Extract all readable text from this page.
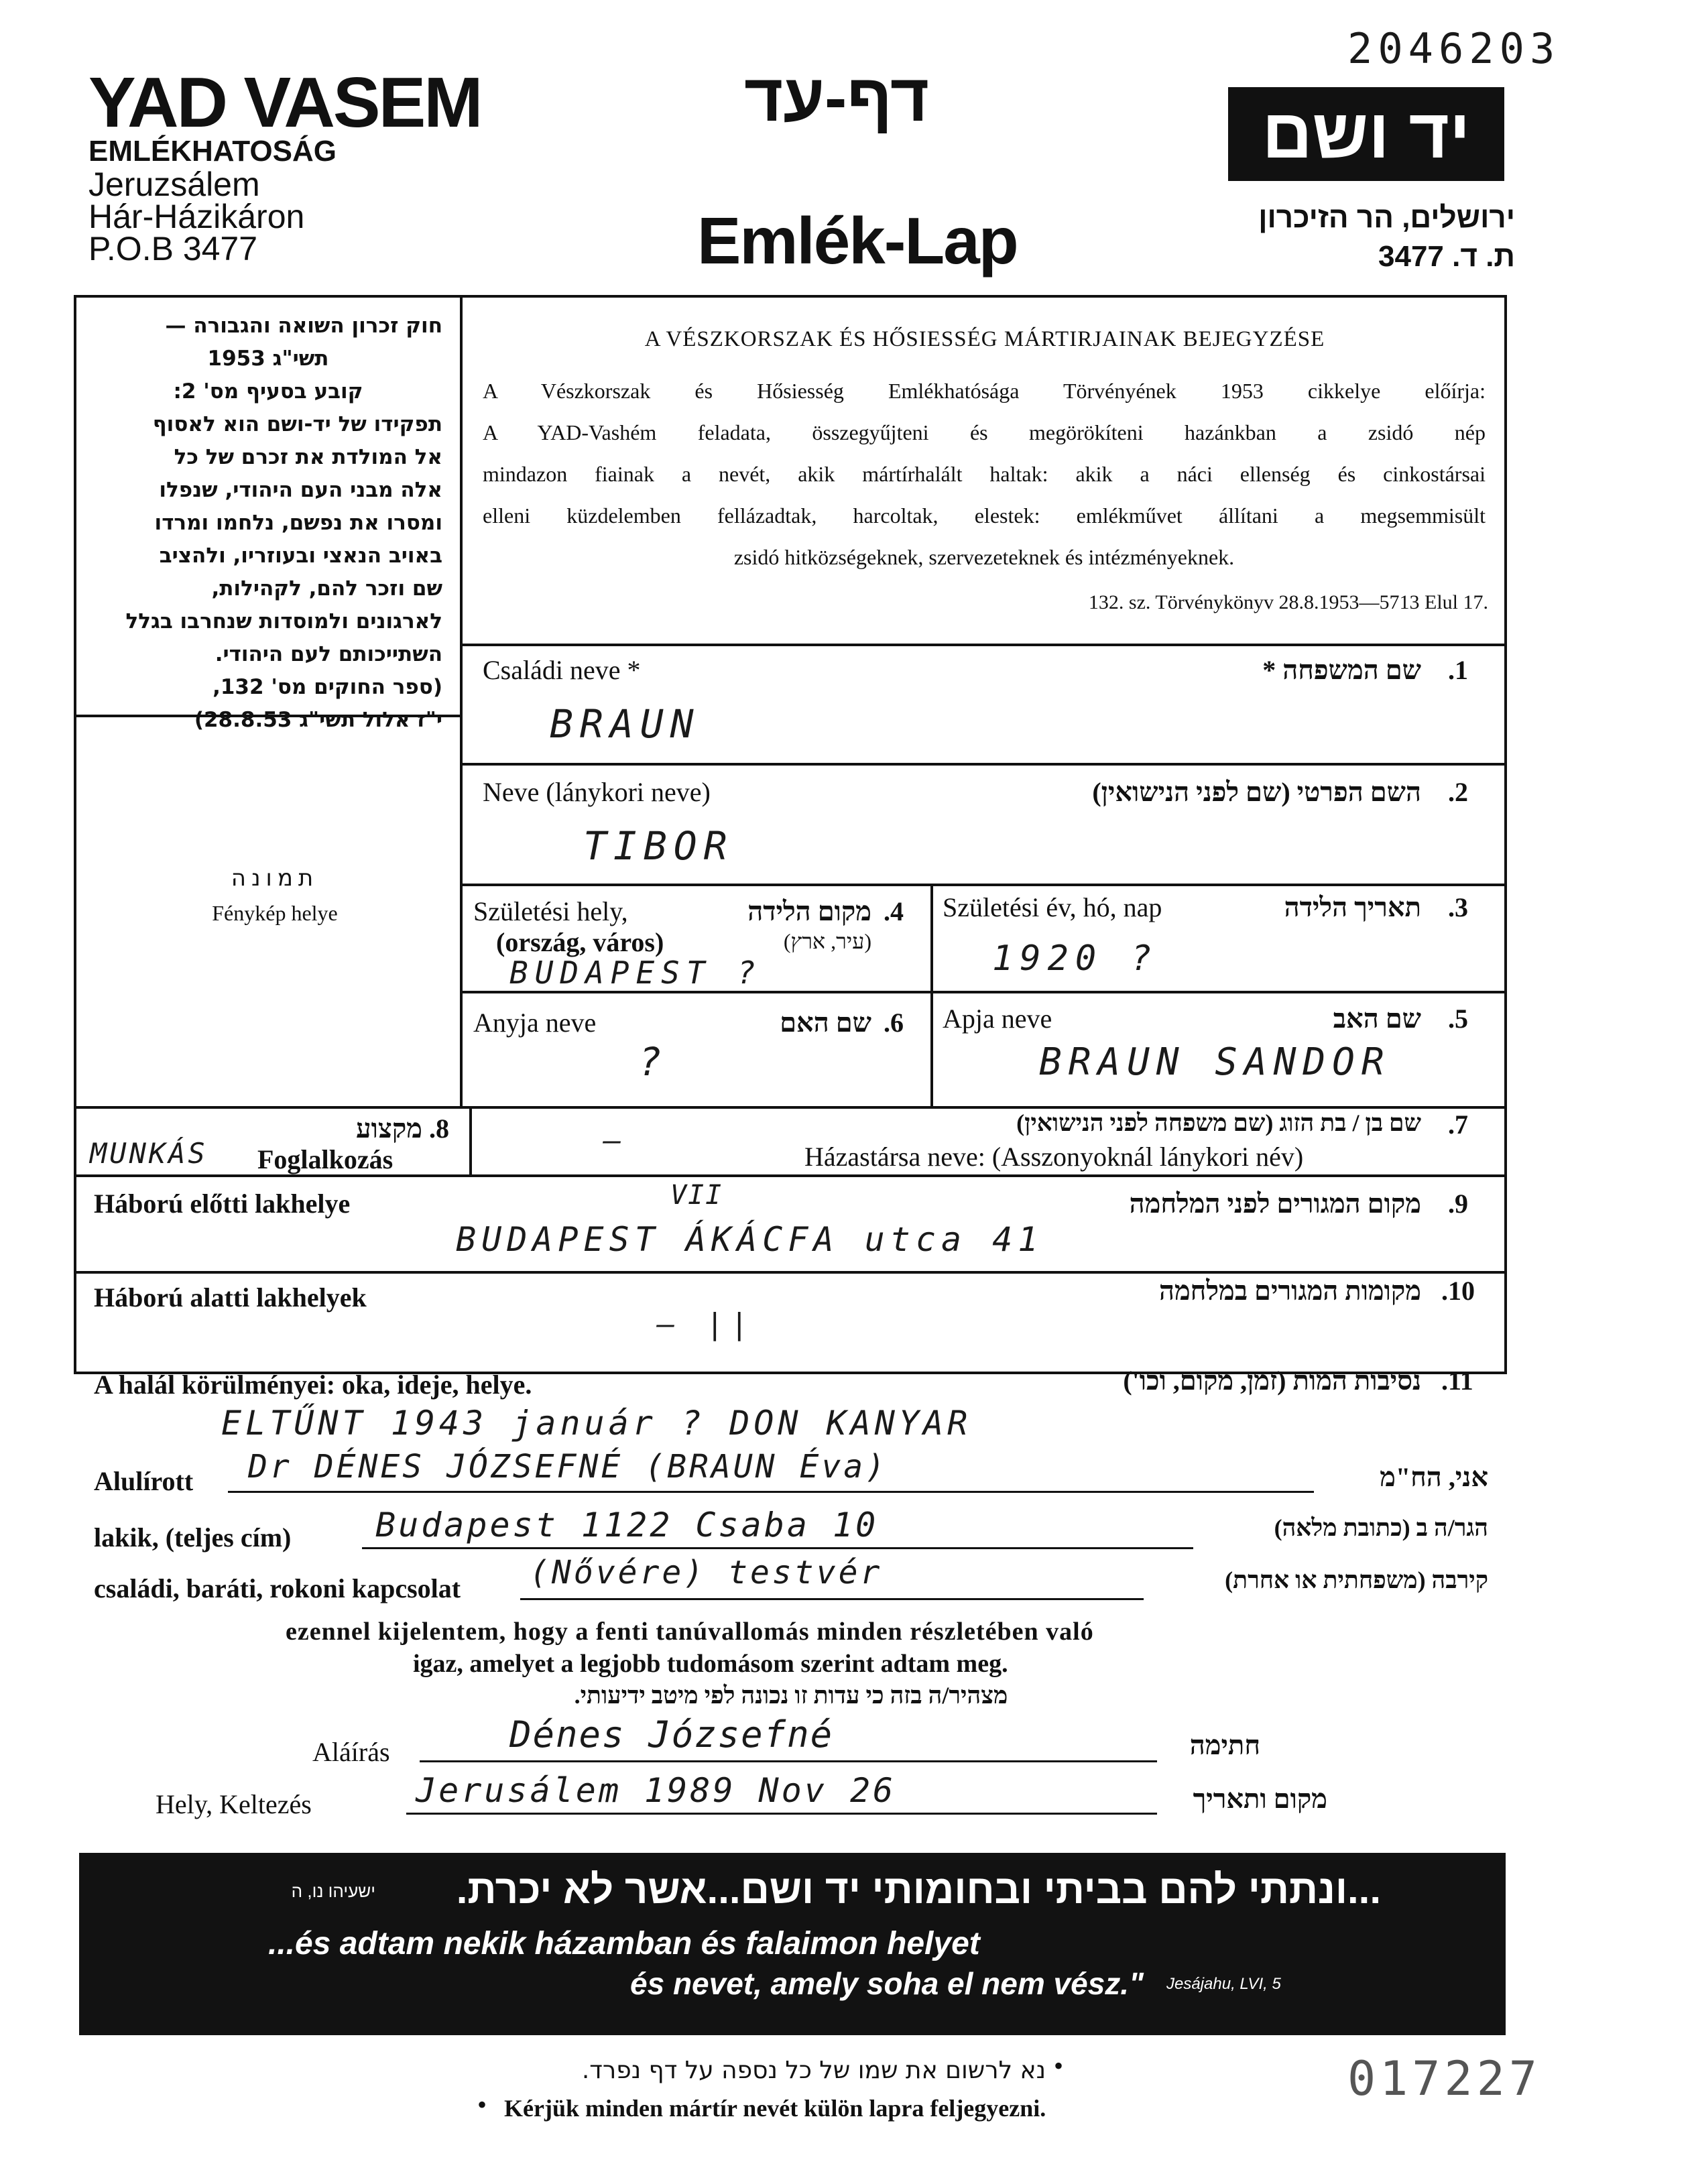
2046203
YAD VASEM
EMLÉKHATOSÁG
Jeruzsálem
Hár-Házikáron
P.O.B 3477
דף-עד
Emlék-Lap
יד ושם
ירושלים, הר הזיכרון
ת. ד. 3477
חוק זכרון השואה והגבורה —
תשי"ג 1953
קובע בסעיף מס' 2:
תפקידו של יד-ושם הוא לאסוף
אל המולדת את זכרם של כל
אלה מבני העם היהודי, שנפלו
ומסרו את נפשם, נלחמו ומרדו
באויב הנאצי ובעוזריו, ולהציב
שם וזכר להם, לקהילות,
לארגונים ולמוסדות שנחרבו בגלל
השתייכותם לעם היהודי.
(ספר החוקים מס' 132,
י"ז אלול תשי"ג 28.8.53)
תמונה
Fénykép helye
A VÉSZKORSZAK ÉS HŐSIESSÉG MÁRTIRJAINAK BEJEGYZÉSE
A Vészkorszak és Hősiesség Emlékhatósága Törvényének 1953 cikkelye előírja:
A YAD-Vashém feladata, összegyűjteni és megörökíteni hazánkban a zsidó nép
mindazon fiainak a nevét, akik mártírhalált haltak: akik a náci ellenség és cinkostársai
elleni küzdelemben fellázadtak, harcoltak, elestek: emlékművet állítani a megsemmisült
zsidó hitközségeknek, szervezeteknek és intézményeknek.
132. sz. Törvénykönyv 28.8.1953—5713 Elul 17.
Családi neve *	שם המשפחה * .1
BRAUN
Neve (lánykori neve)	השם הפרטי (שם לפני הנישואין) .2
TIBOR
Születési hely,
(ország, város)
מקום הלידה
(עיר, ארץ)
.4
BUDAPEST ?
Születési év, hó, nap	תאריך הלידה .3
1920 ?
Anyja neve	שם האם .6
?
Apja neve	שם האב .5
BRAUN SANDOR
מקצוע .8
Foglalkozás
MUNKÁS
שם בן / בת הזוג (שם משפחה לפני הנישואין) .7
Házastársa neve: (Asszonyoknál lánykori név)
—
Háború előtti lakhelye	מקום המגורים לפני המלחמה .9
VII
BUDAPEST ÁKÁCFA utca 41
Háború alatti lakhelyek	מקומות המגורים במלחמה .10
– ||
A halál körülményei: oka, ideje, helye.	נסיבות המות (זמן, מקום, וכו') .11
ELTŰNT 1943 január ? DON KANYAR
Alulírott Dr DÉNES JÓZSEFNÉ (BRAUN Éva)	אני, הח"מ
lakik, (teljes cím)	Budapest 1122 Csaba 10	הגר/ה ב (כתובת מלאה)
családi, baráti, rokoni kapcsolat (Nővére) testvér	קירבה (משפחתית או אחרת)
ezennel kijelentem, hogy a fenti tanúvallomás minden részletében való
igaz, amelyet a legjobb tudomásom szerint adtam meg.
מצהיר/ה בזה כי עדות זו נכונה לפי מיטב ידיעותי.
Aláírás	Dénes Józsefné	חתימה
Hely, Keltezés	Jerusálem 1989 Nov 26	מקום ותאריך
...ונתתי להם בביתי ובחומותי יד ושם...אשר לא יכרת.
ישעיהו נו, ה
...és adtam nekik házamban és falaimon helyet
és nevet, amely soha el nem vész." Jesájahu, LVI, 5
נא לרשום את שמו של כל נספה על דף נפרד. •
• Kérjük minden mártír nevét külön lapra feljegyezni.
017227
